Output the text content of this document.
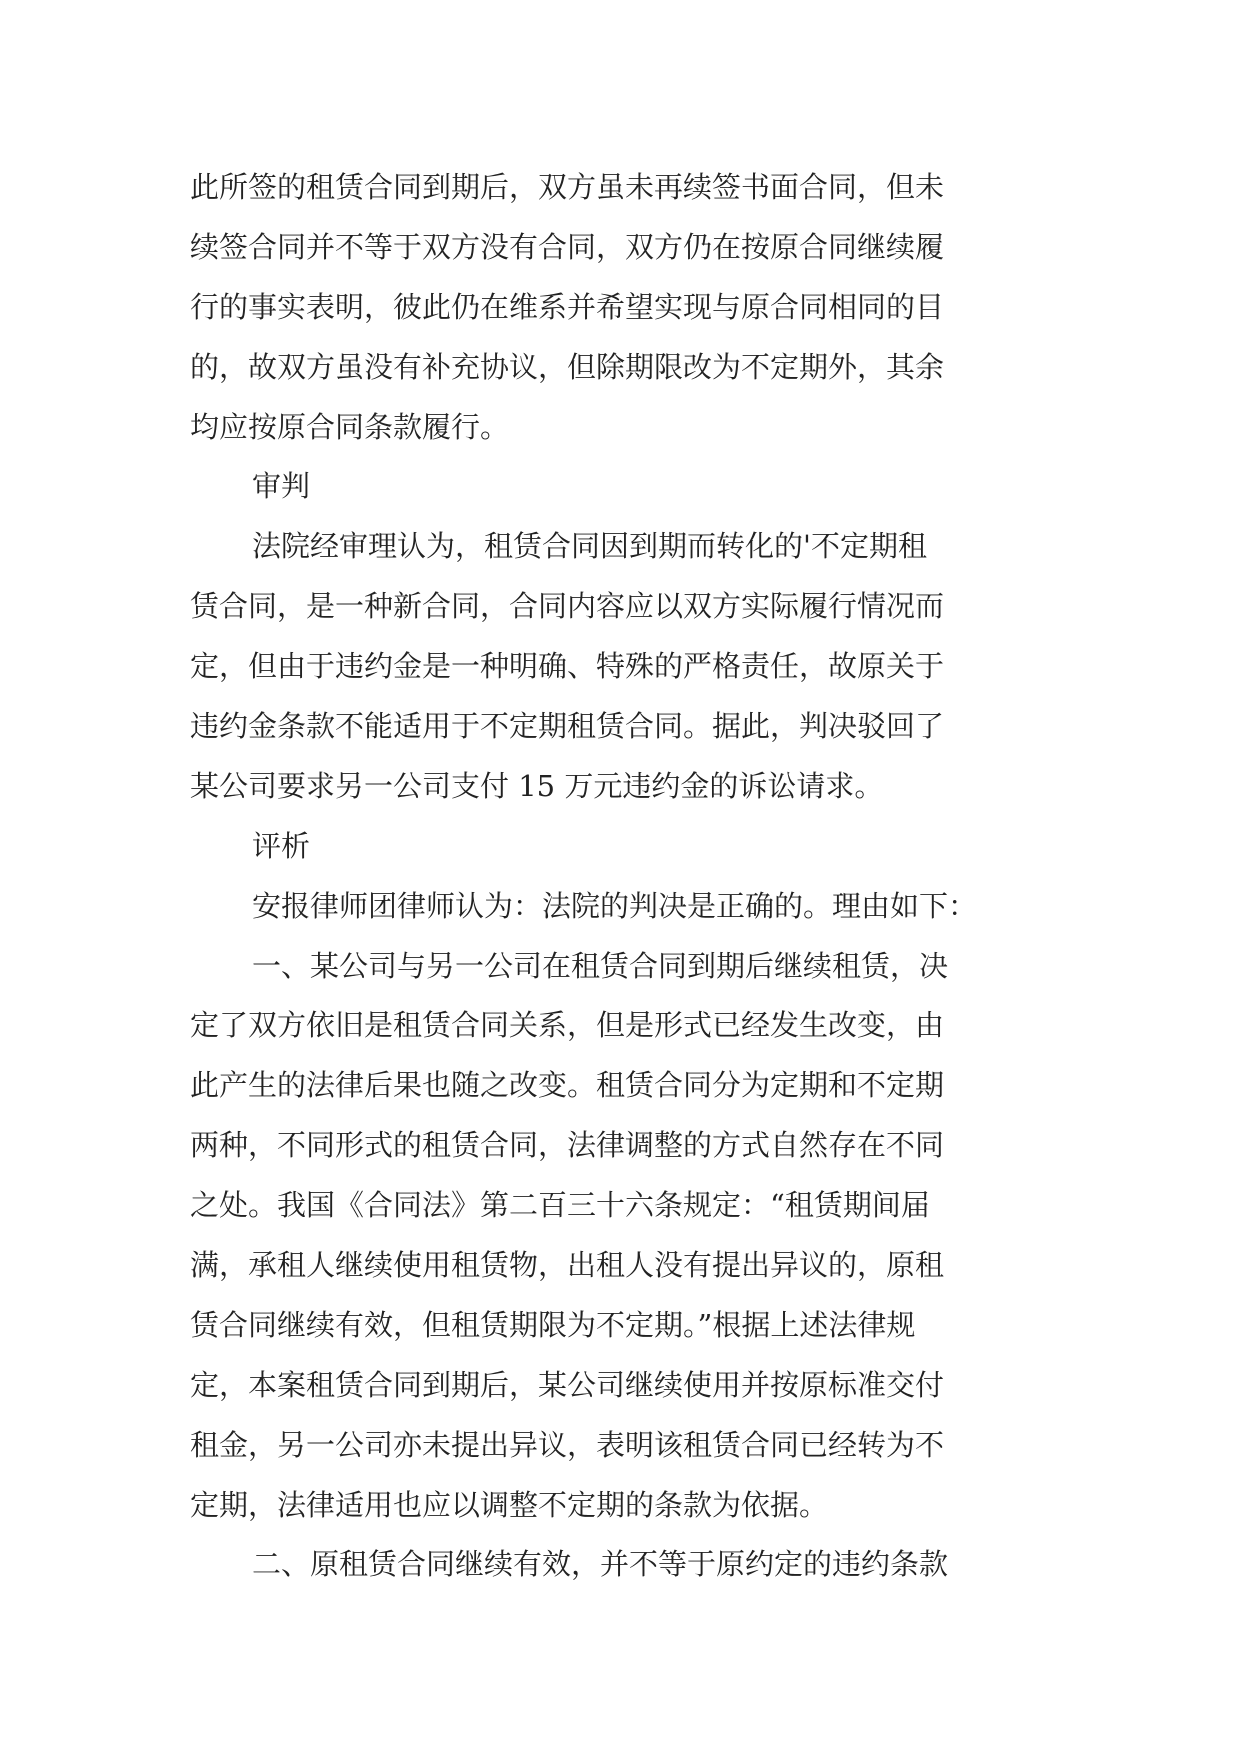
此所签的租赁合同到期后，双方虽未再续签书面合同，但未
续签合同并不等于双方没有合同，双方仍在按原合同继续履
行的事实表明，彼此仍在维系并希望实现与原合同相同的目
的，故双方虽没有补充协议，但除期限改为不定期外，其余
均应按原合同条款履行。
审判
法院经审理认为，租赁合同因到期而转化的'不定期租
赁合同，是一种新合同，合同内容应以双方实际履行情况而
定，但由于违约金是一种明确、特殊的严格责任，故原关于
违约金条款不能适用于不定期租赁合同。据此，判决驳回了
某公司要求另一公司支付 15 万元违约金的诉讼请求。
评析
安报律师团律师认为：法院的判决是正确的。理由如下：
一、某公司与另一公司在租赁合同到期后继续租赁，决
定了双方依旧是租赁合同关系，但是形式已经发生改变，由
此产生的法律后果也随之改变。租赁合同分为定期和不定期
两种，不同形式的租赁合同，法律调整的方式自然存在不同
之处。我国《合同法》第二百三十六条规定：“租赁期间届
满，承租人继续使用租赁物，出租人没有提出异议的，原租
赁合同继续有效，但租赁期限为不定期。”根据上述法律规
定，本案租赁合同到期后，某公司继续使用并按原标准交付
租金，另一公司亦未提出异议，表明该租赁合同已经转为不
定期，法律适用也应以调整不定期的条款为依据。
二、原租赁合同继续有效，并不等于原约定的违约条款
